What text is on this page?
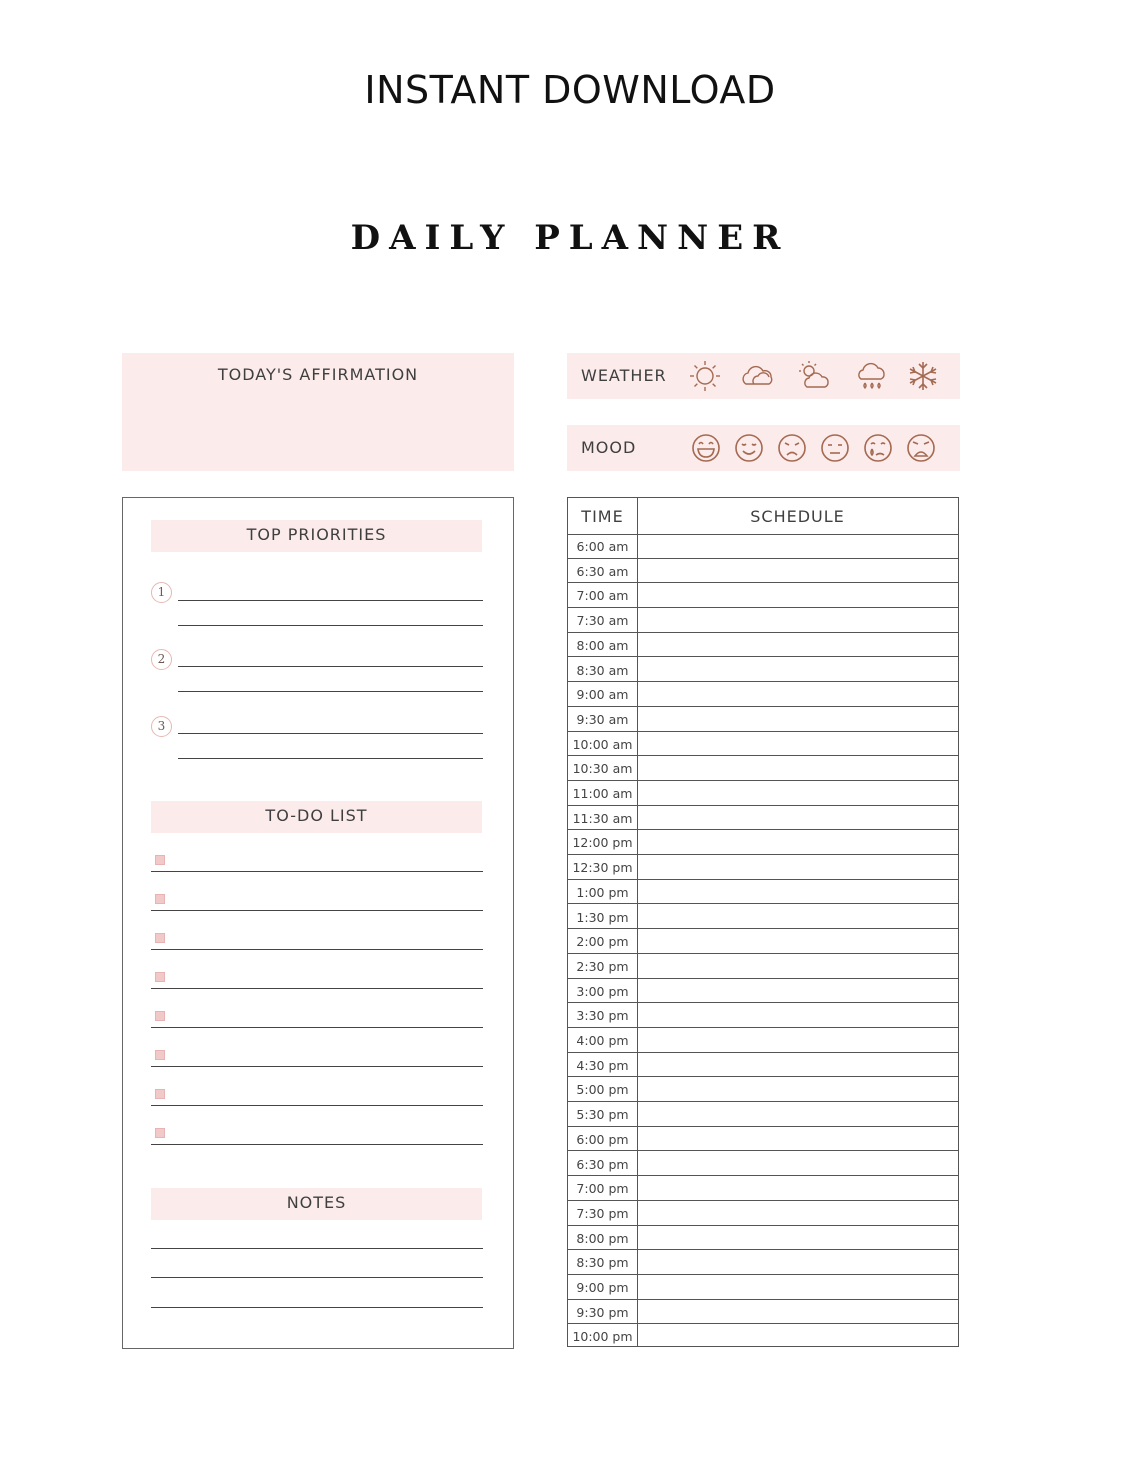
INSTANT DOWNLOAD
DAILY PLANNER
TODAY'S AFFIRMATION	WEATHER
MOOD
TOP PRIORITIES
1
2
3
TO-DO LIST
NOTES
TIME	SCHEDULE
6:00 am
6:30 am
7:00 am
7:30 am
8:00 am
8:30 am
9:00 am
9:30 am
10:00 am
10:30 am
11:00 am
11:30 am
12:00 pm
12:30 pm
1:00 pm
1:30 pm
2:00 pm
2:30 pm
3:00 pm
3:30 pm
4:00 pm
4:30 pm
5:00 pm
5:30 pm
6:00 pm
6:30 pm
7:00 pm
7:30 pm
8:00 pm
8:30 pm
9:00 pm
9:30 pm
10:00 pm
